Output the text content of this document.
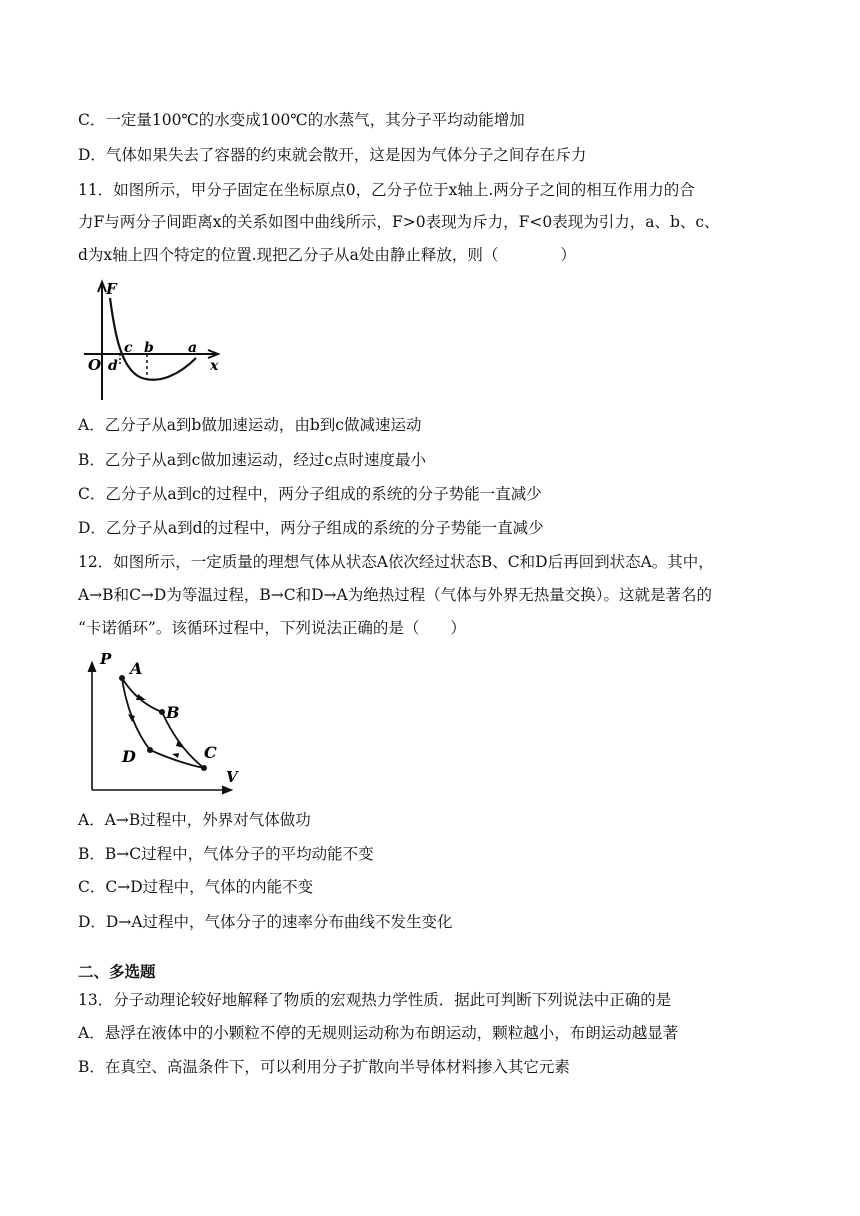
C．一定量100℃的水变成100℃的水蒸气，其分子平均动能增加
D．气体如果失去了容器的约束就会散开，这是因为气体分子之间存在斥力
11．如图所示，甲分子固定在坐标原点0，乙分子位于x轴上.两分子之间的相互作用力的合
力F与两分子间距离x的关系如图中曲线所示，F>0表现为斥力，F<0表现为引力，a、b、c、
d为x轴上四个特定的位置.现把乙分子从a处由静止释放，则（　　　　）
F
x
O d
c b a
A．乙分子从a到b做加速运动，由b到c做减速运动
B．乙分子从a到c做加速运动，经过c点时速度最小
C．乙分子从a到c的过程中，两分子组成的系统的分子势能一直减少
D．乙分子从a到d的过程中，两分子组成的系统的分子势能一直减少
12．如图所示，一定质量的理想气体从状态A依次经过状态B、C和D后再回到状态A。其中，
A→B和C→D为等温过程，B→C和D→A为绝热过程（气体与外界无热量交换）。这就是著名的
“卡诺循环”。该循环过程中，下列说法正确的是（　　）
P
V
A
B
C
D
A．A→B过程中，外界对气体做功
B．B→C过程中，气体分子的平均动能不变
C．C→D过程中，气体的内能不变
D．D→A过程中，气体分子的速率分布曲线不发生变化
二、多选题
13．分子动理论较好地解释了物质的宏观热力学性质．据此可判断下列说法中正确的是
A．悬浮在液体中的小颗粒不停的无规则运动称为布朗运动，颗粒越小，布朗运动越显著
B．在真空、高温条件下，可以利用分子扩散向半导体材料掺入其它元素
